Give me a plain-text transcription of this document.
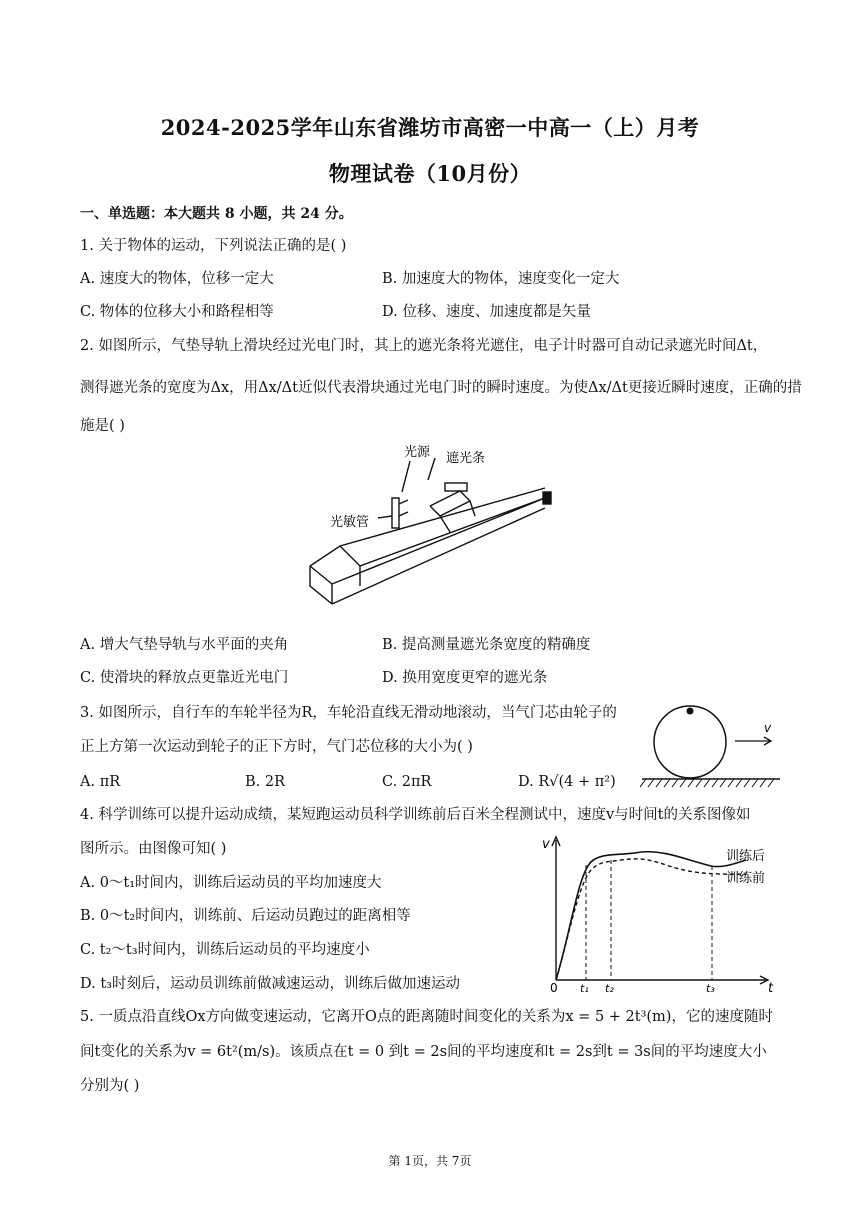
2024-2025学年山东省潍坊市高密一中高一（上）月考
物理试卷（10月份）
一、单选题：本大题共 8 小题，共 24 分。
1. 关于物体的运动，下列说法正确的是( )
A. 速度大的物体，位移一定大	B. 加速度大的物体，速度变化一定大
C. 物体的位移大小和路程相等	D. 位移、速度、加速度都是矢量
2. 如图所示，气垫导轨上滑块经过光电门时，其上的遮光条将光遮住，电子计时器可自动记录遮光时间Δt，
测得遮光条的宽度为Δx，用Δx/Δt近似代表滑块通过光电门时的瞬时速度。为使Δx/Δt更接近瞬时速度，正确的措
施是( )
光源 遮光条
光敏管
A. 增大气垫导轨与水平面的夹角	B. 提高测量遮光条宽度的精确度
C. 使滑块的释放点更靠近光电门	D. 换用宽度更窄的遮光条
3. 如图所示，自行车的车轮半径为R，车轮沿直线无滑动地滚动，当气门芯由轮子的
正上方第一次运动到轮子的正下方时，气门芯位移的大小为( )
A. πR	B. 2R	C. 2πR	D. R√(4 + π²)
v
4. 科学训练可以提升运动成绩，某短跑运动员科学训练前后百米全程测试中，速度v与时间t的关系图像如
图所示。由图像可知( )
A. 0～t₁时间内，训练后运动员的平均加速度大
B. 0～t₂时间内，训练前、后运动员跑过的距离相等
C. t₂～t₃时间内，训练后运动员的平均速度小
D. t₃时刻后，运动员训练前做减速运动，训练后做加速运动
v
t
0 t₁ t₂	t₃
训练后
训练前
5. 一质点沿直线Ox方向做变速运动，它离开O点的距离随时间变化的关系为x = 5 + 2t³(m)，它的速度随时
间t变化的关系为v = 6t²(m/s)。该质点在t = 0 到t = 2s间的平均速度和t = 2s到t = 3s间的平均速度大小
分别为( )
第 1页，共 7页
